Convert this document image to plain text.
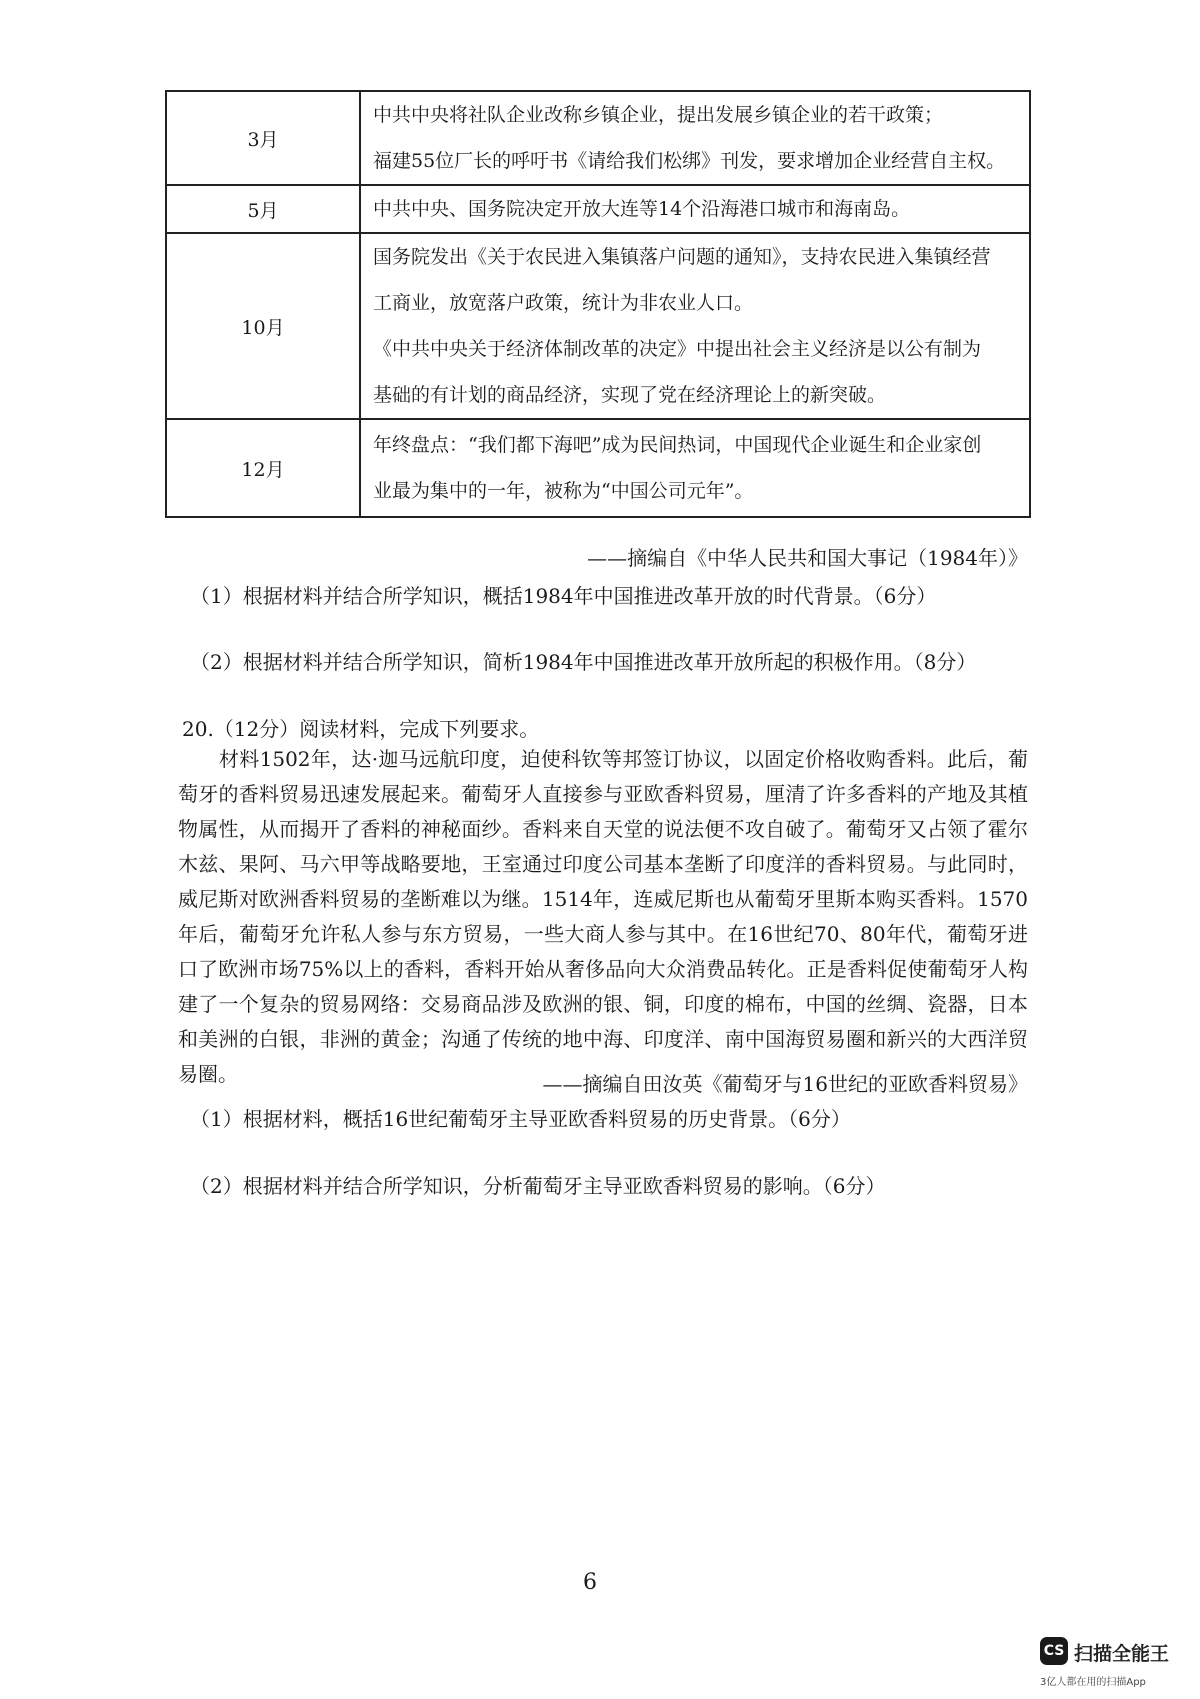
3月	中共中央将社队企业改称乡镇企业，提出发展乡镇企业的若干政策；
福建55位厂长的呼吁书《请给我们松绑》刊发，要求增加企业经营自主权。

5月	中共中央、国务院决定开放大连等14个沿海港口城市和海南岛。

10月	国务院发出《关于农民进入集镇落户问题的通知》，支持农民进入集镇经营
工商业，放宽落户政策，统计为非农业人口。
《中共中央关于经济体制改革的决定》中提出社会主义经济是以公有制为
基础的有计划的商品经济，实现了党在经济理论上的新突破。

12月	年终盘点：“我们都下海吧”成为民间热词，中国现代企业诞生和企业家创
业最为集中的一年，被称为“中国公司元年”。
——摘编自《中华人民共和国大事记（1984年）》
（1）根据材料并结合所学知识，概括1984年中国推进改革开放的时代背景。（6分）
（2）根据材料并结合所学知识，简析1984年中国推进改革开放所起的积极作用。（8分）
20.（12分）阅读材料，完成下列要求。
材料1502年，达·迦马远航印度，迫使科钦等邦签订协议，以固定价格收购香料。此后，葡萄牙的香料贸易迅速发展起来。葡萄牙人直接参与亚欧香料贸易，厘清了许多香料的产地及其植物属性，从而揭开了香料的神秘面纱。香料来自天堂的说法便不攻自破了。葡萄牙又占领了霍尔木兹、果阿、马六甲等战略要地，王室通过印度公司基本垄断了印度洋的香料贸易。与此同时，威尼斯对欧洲香料贸易的垄断难以为继。1514年，连威尼斯也从葡萄牙里斯本购买香料。1570年后，葡萄牙允许私人参与东方贸易，一些大商人参与其中。在16世纪70、80年代，葡萄牙进口了欧洲市场75%以上的香料，香料开始从奢侈品向大众消费品转化。正是香料促使葡萄牙人构建了一个复杂的贸易网络：交易商品涉及欧洲的银、铜，印度的棉布，中国的丝绸、瓷器，日本和美洲的白银，非洲的黄金；沟通了传统的地中海、印度洋、南中国海贸易圈和新兴的大西洋贸易圈。	——摘编自田汝英《葡萄牙与16世纪的亚欧香料贸易》
（1）根据材料，概括16世纪葡萄牙主导亚欧香料贸易的历史背景。（6分）
（2）根据材料并结合所学知识，分析葡萄牙主导亚欧香料贸易的影响。（6分）
6
CS 扫描全能王
3亿人都在用的扫描App
